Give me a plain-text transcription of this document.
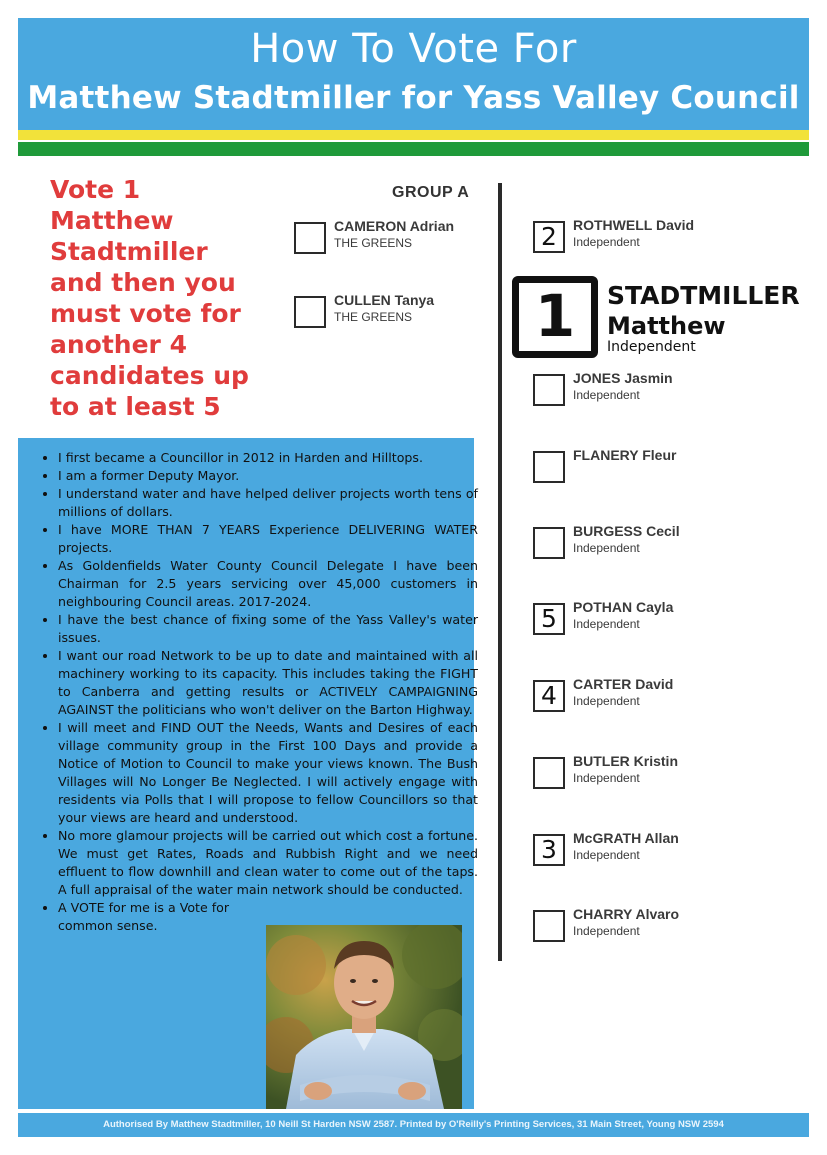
How To Vote For
Matthew Stadtmiller for Yass Valley Council
Vote 1
Matthew
Stadtmiller
and then you
must vote for
another 4
candidates up
to at least 5
GROUP A
CAMERON Adrian
THE GREENS
CULLEN Tanya
THE GREENS
2	ROTHWELL David
Independent
1	STADTMILLER
Matthew
Independent
JONES Jasmin
Independent
FLANERY Fleur
BURGESS Cecil
Independent
5	POTHAN Cayla
Independent
4	CARTER David
Independent
BUTLER Kristin
Independent
3	McGRATH Allan
Independent
CHARRY Alvaro
Independent
• I first became a Councillor in 2012 in Harden and Hilltops.
• I am a former Deputy Mayor.
• I understand water and have helped deliver projects worth tens of millions of dollars.
• I have MORE THAN 7 YEARS Experience DELIVERING WATER projects.
• As Goldenfields Water County Council Delegate I have been Chairman for 2.5 years servicing over 45,000 customers in neighbouring Council areas. 2017-2024.
• I have the best chance of fixing some of the Yass Valley's water issues.
• I want our road Network to be up to date and maintained with all machinery working to its capacity. This includes taking the FIGHT to Canberra and getting results or ACTIVELY CAMPAIGNING AGAINST the politicians who won't deliver on the Barton Highway.
• I will meet and FIND OUT the Needs, Wants and Desires of each village community group in the First 100 Days and provide a Notice of Motion to Council to make your views known. The Bush Villages will No Longer Be Neglected. I will actively engage with residents via Polls that I will propose to fellow Councillors so that your views are heard and understood.
• No more glamour projects will be carried out which cost a fortune. We must get Rates, Roads and Rubbish Right and we need effluent to flow downhill and clean water to come out of the taps. A full appraisal of the water main network should be conducted.
• A VOTE for me is a Vote for common sense.
Authorised By Matthew Stadtmiller, 10 Neill St Harden NSW 2587. Printed by O'Reilly's Printing Services, 31 Main Street, Young NSW 2594
